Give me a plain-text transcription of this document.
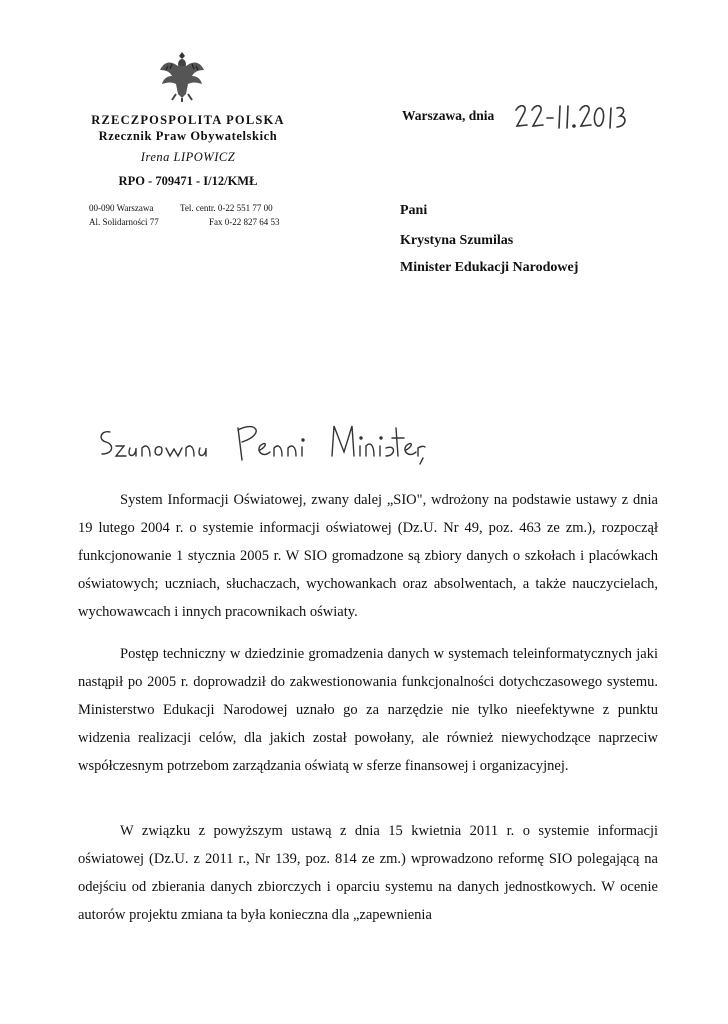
RZECZPOSPOLITA POLSKA
Rzecznik Praw Obywatelskich
Irena LIPOWICZ
RPO - 709471 - I/12/KMŁ
00-090 Warszawa	Tel. centr. 0-22 551 77 00
Al. Solidarności 77	Fax 0-22 827 64 53
Warszawa, dnia
Pani
Krystyna Szumilas
Minister Edukacji Narodowej

System Informacji Oświatowej, zwany dalej „SIO", wdrożony na podstawie ustawy z dnia 19 lutego 2004 r. o systemie informacji oświatowej (Dz.U. Nr 49, poz. 463 ze zm.), rozpoczął funkcjonowanie 1 stycznia 2005 r. W SIO gromadzone są zbiory danych o szkołach i placówkach oświatowych; uczniach, słuchaczach, wychowankach oraz absolwentach, a także nauczycielach, wychowawcach i innych pracownikach oświaty.

Postęp techniczny w dziedzinie gromadzenia danych w systemach teleinformatycznych jaki nastąpił po 2005 r. doprowadził do zakwestionowania funkcjonalności dotychczasowego systemu. Ministerstwo Edukacji Narodowej uznało go za narzędzie nie tylko nieefektywne z punktu widzenia realizacji celów, dla jakich został powołany, ale również niewychodzące naprzeciw współczesnym potrzebom zarządzania oświatą w sferze finansowej i organizacyjnej.

W związku z powyższym ustawą z dnia 15 kwietnia 2011 r. o systemie informacji oświatowej (Dz.U. z 2011 r., Nr 139, poz. 814 ze zm.) wprowadzono reformę SIO polegającą na odejściu od zbierania danych zbiorczych i oparciu systemu na danych jednostkowych. W ocenie autorów projektu zmiana ta była konieczna dla „zapewnienia
